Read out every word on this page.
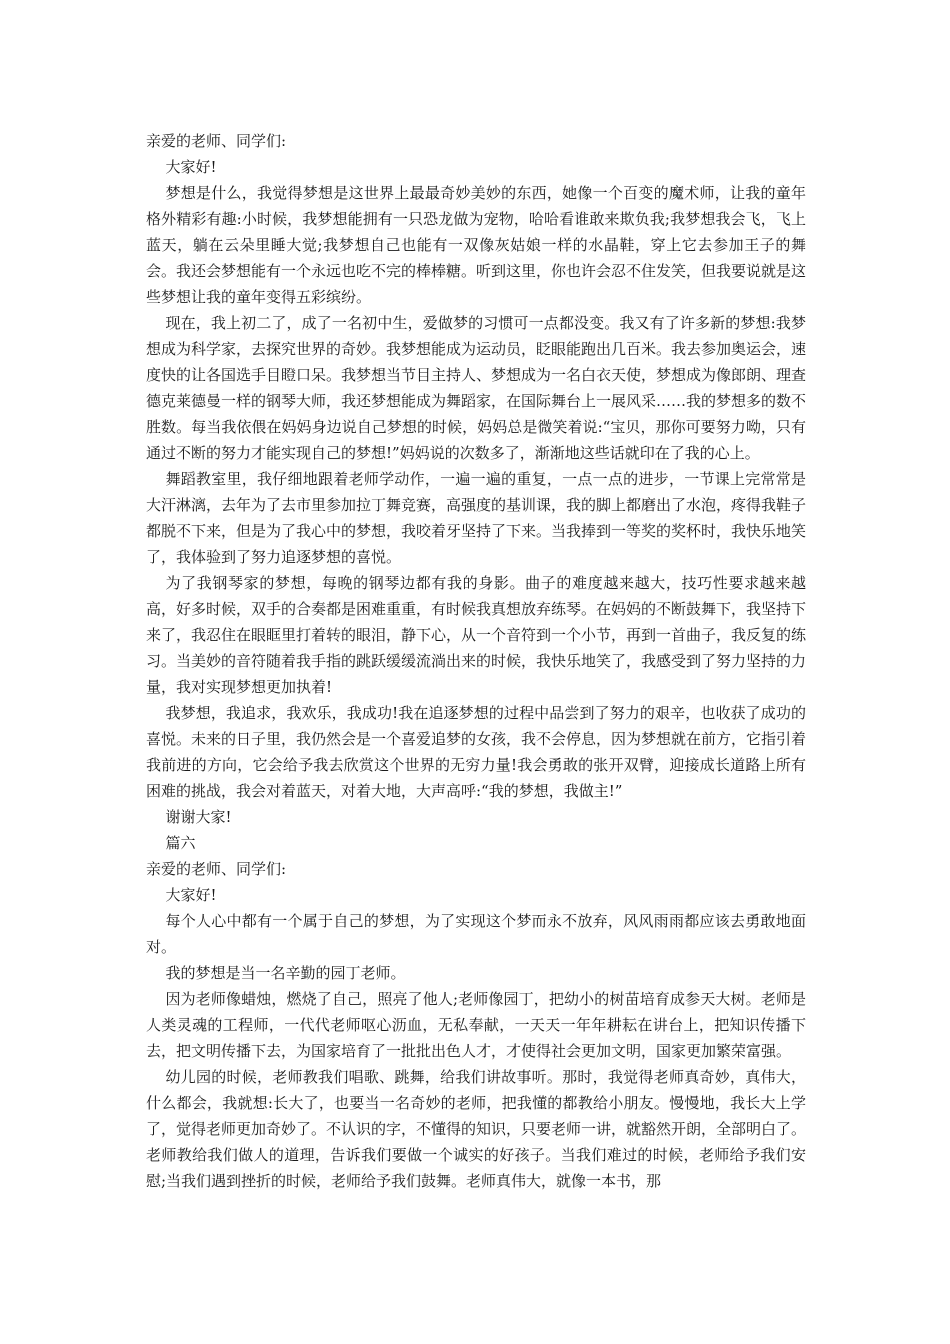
亲爱的老师、同学们:

大家好!

梦想是什么，我觉得梦想是这世界上最最奇妙美妙的东西，她像一个百变的魔术师，让我的童年格外精彩有趣:小时候，我梦想能拥有一只恐龙做为宠物，哈哈看谁敢来欺负我;我梦想我会飞，飞上蓝天，躺在云朵里睡大觉;我梦想自己也能有一双像灰姑娘一样的水晶鞋，穿上它去参加王子的舞会。我还会梦想能有一个永远也吃不完的棒棒糖。听到这里，你也许会忍不住发笑，但我要说就是这些梦想让我的童年变得五彩缤纷。

现在，我上初二了，成了一名初中生，爱做梦的习惯可一点都没变。我又有了许多新的梦想:我梦想成为科学家，去探究世界的奇妙。我梦想能成为运动员，眨眼能跑出几百米。我去参加奥运会，速度快的让各国选手目瞪口呆。我梦想当节目主持人、梦想成为一名白衣天使，梦想成为像郎朗、理查德克莱德曼一样的钢琴大师，我还梦想能成为舞蹈家，在国际舞台上一展风采……我的梦想多的数不胜数。每当我依偎在妈妈身边说自己梦想的时候，妈妈总是微笑着说:“宝贝，那你可要努力呦，只有通过不断的努力才能实现自己的梦想!”妈妈说的次数多了，渐渐地这些话就印在了我的心上。

舞蹈教室里，我仔细地跟着老师学动作，一遍一遍的重复，一点一点的进步，一节课上完常常是大汗淋漓，去年为了去市里参加拉丁舞竞赛，高强度的基训课，我的脚上都磨出了水泡，疼得我鞋子都脱不下来，但是为了我心中的梦想，我咬着牙坚持了下来。当我捧到一等奖的奖杯时，我快乐地笑了，我体验到了努力追逐梦想的喜悦。

为了我钢琴家的梦想，每晚的钢琴边都有我的身影。曲子的难度越来越大，技巧性要求越来越高，好多时候，双手的合奏都是困难重重，有时候我真想放弃练琴。在妈妈的不断鼓舞下，我坚持下来了，我忍住在眼眶里打着转的眼泪，静下心，从一个音符到一个小节，再到一首曲子，我反复的练习。当美妙的音符随着我手指的跳跃缓缓流淌出来的时候，我快乐地笑了，我感受到了努力坚持的力量，我对实现梦想更加执着!

我梦想，我追求，我欢乐，我成功!我在追逐梦想的过程中品尝到了努力的艰辛，也收获了成功的喜悦。未来的日子里，我仍然会是一个喜爱追梦的女孩，我不会停息，因为梦想就在前方，它指引着我前进的方向，它会给予我去欣赏这个世界的无穷力量!我会勇敢的张开双臂，迎接成长道路上所有困难的挑战，我会对着蓝天，对着大地，大声高呼:“我的梦想，我做主!”

谢谢大家!

篇六

亲爱的老师、同学们:

大家好!

每个人心中都有一个属于自己的梦想，为了实现这个梦而永不放弃，风风雨雨都应该去勇敢地面对。

我的梦想是当一名辛勤的园丁老师。

因为老师像蜡烛，燃烧了自己，照亮了他人;老师像园丁，把幼小的树苗培育成参天大树。老师是人类灵魂的工程师，一代代老师呕心沥血，无私奉献，一天天一年年耕耘在讲台上，把知识传播下去，把文明传播下去，为国家培育了一批批出色人才，才使得社会更加文明，国家更加繁荣富强。

幼儿园的时候，老师教我们唱歌、跳舞，给我们讲故事听。那时，我觉得老师真奇妙，真伟大，什么都会，我就想:长大了，也要当一名奇妙的老师，把我懂的都教给小朋友。慢慢地，我长大上学了，觉得老师更加奇妙了。不认识的字，不懂得的知识，只要老师一讲，就豁然开朗，全部明白了。老师教给我们做人的道理，告诉我们要做一个诚实的好孩子。当我们难过的时候，老师给予我们安慰;当我们遇到挫折的时候，老师给予我们鼓舞。老师真伟大，就像一本书，那
